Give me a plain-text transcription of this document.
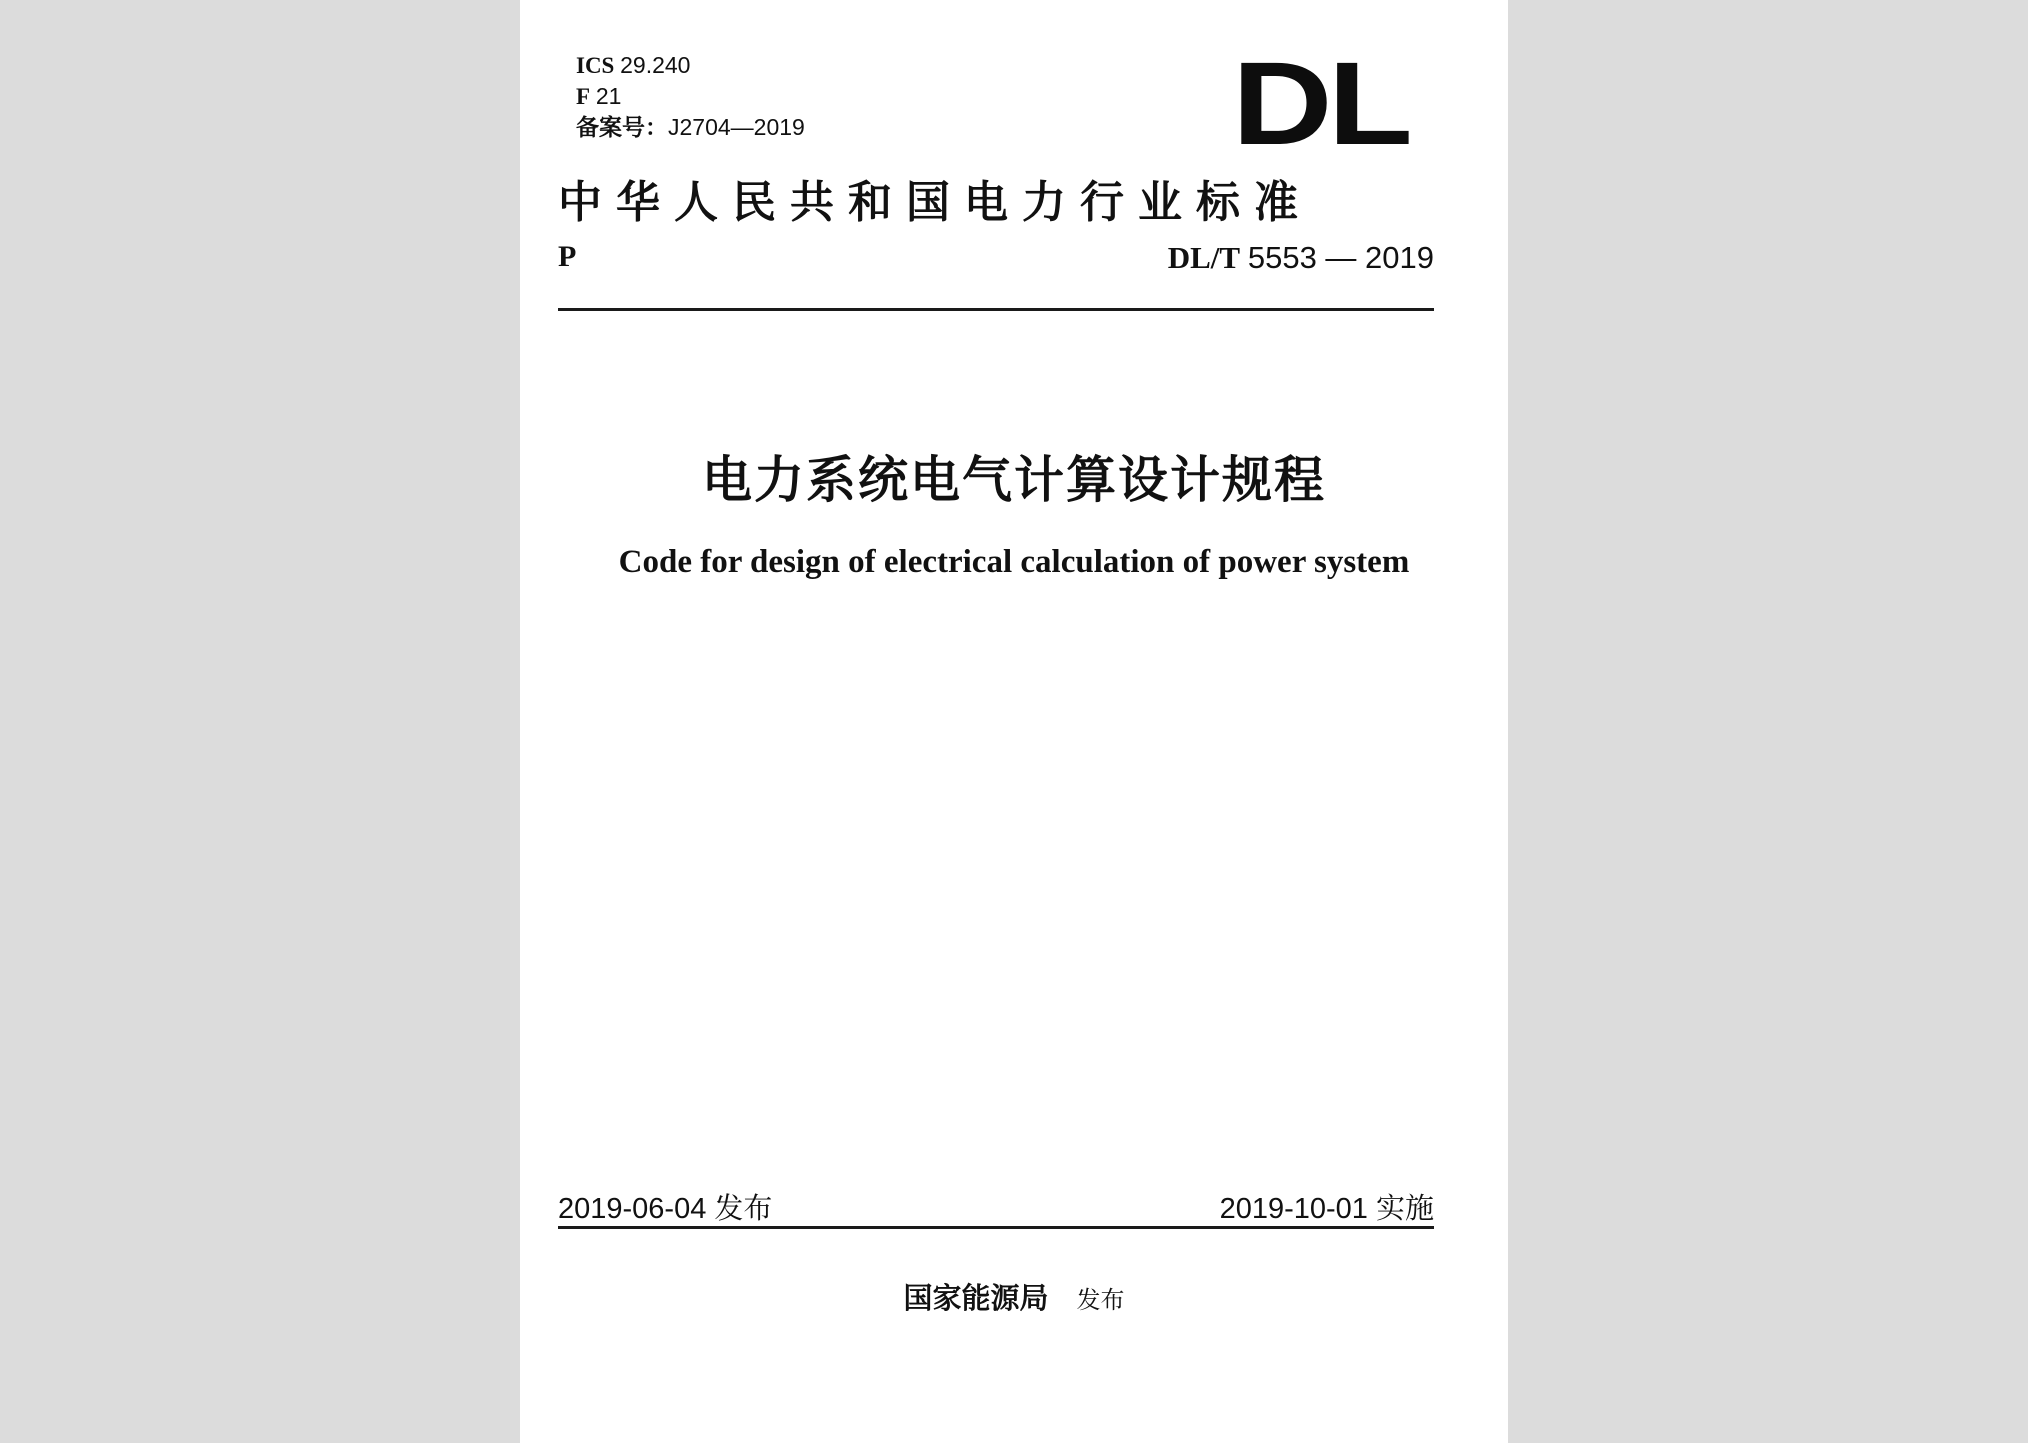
ICS 29.240
F 21
备案号：J2704—2019	DL
中华人民共和国电力行业标准
P	DL/T 5553 — 2019
电力系统电气计算设计规程
Code for design of electrical calculation of power system
2019-06-04 发布	2019-10-01 实施
国家能源局 发布
